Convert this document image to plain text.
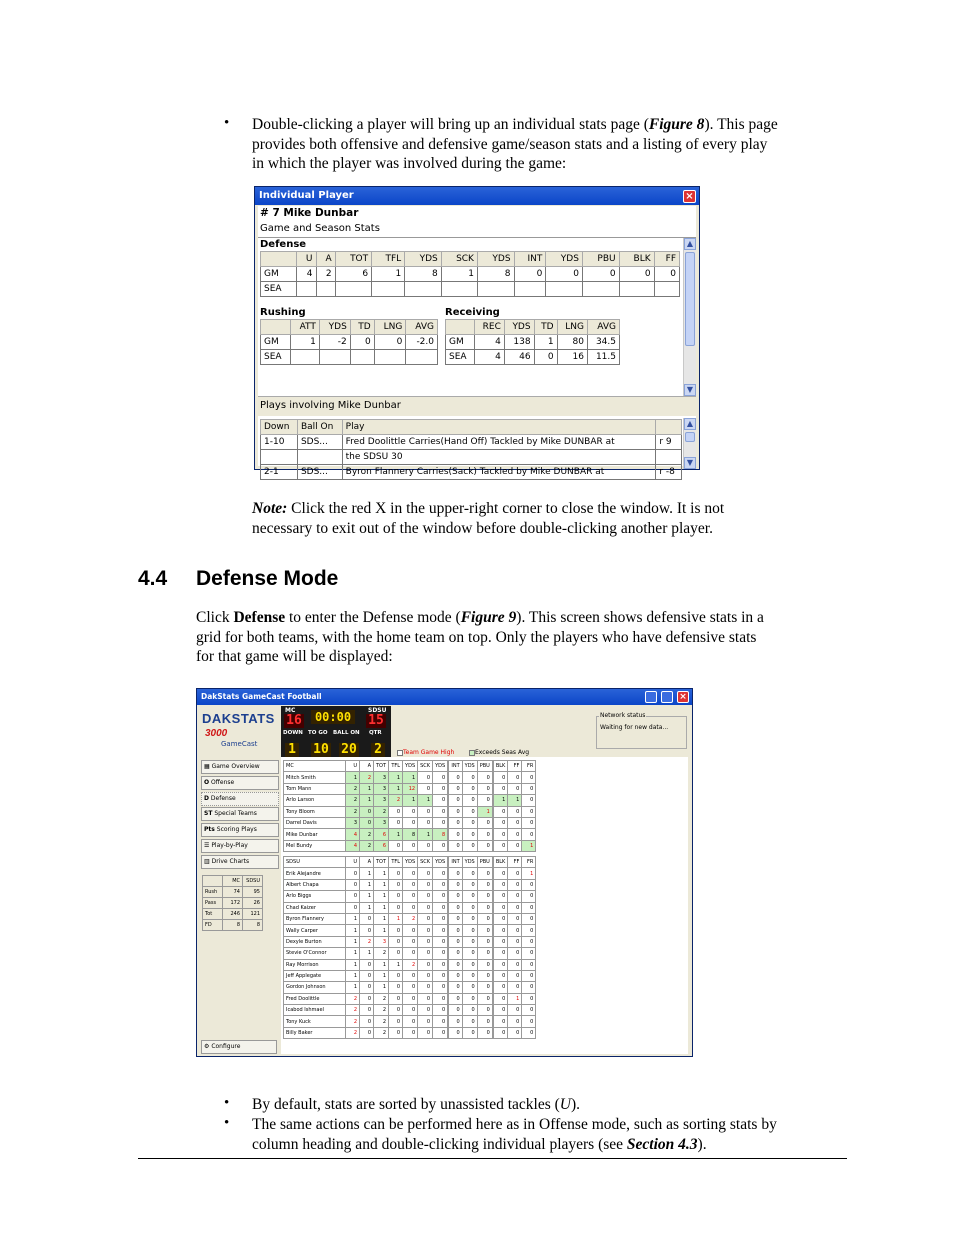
• Double-clicking a player will bring up an individual stats page (Figure 8). This page
provides both offensive and defensive game/season stats and a listing of every play
in which the player was involved during the game:
Individual Player	×
# 7 Mike Dunbar
Game and Season Stats
Defense
	U	A	TOT	TFL	YDS	SCK	YDS	INT	YDS	PBU	BLK	FF
GM	4	2	6	1	8	1	8	0	0	0	0	0
SEA												
Rushing
	ATT	YDS	TD	LNG	AVG
GM	1	-2	0	0	-2.0
SEA					
Receiving
	REC	YDS	TD	LNG	AVG
GM	4	138	1	80	34.5
SEA	4	46	0	16	11.5
▲
▼
Plays involving Mike Dunbar
Down	Ball On	Play	
1-10	SDS...	Fred Doolittle Carries(Hand Off) Tackled by Mike DUNBAR at	r 9
		the SDSU 30	
2-1	SDS...	Byron Flannery Carries(Sack) Tackled by Mike DUNBAR at	r -8
▲
▼
Note: Click the red X in the upper-right corner to close the window. It is not
necessary to exit out of the window before double-clicking another player.
4.4 Defense Mode
Click Defense to enter the Defense mode (Figure 9). This screen shows defensive stats in a
grid for both teams, with the home team on top. Only the players who have defensive stats
for that game will be displayed:
DakStats GameCast Football	×
DAKSTATS
3000
GameCast
▦ Game Overview
O Offense
D Defense
ST Special Teams
Pts Scoring Plays
☰ Play-by-Play
▥ Drive Charts
	MC	SDSU
Rush	74	95
Pass	172	26
Tot	246	121
FD	8	8
⚙ Configure
MC	SDSU
16	00:00	15
DOWN TO GO BALL ON QTR
1 10 20 2
Network status
Waiting for new data...
Team Game High	Exceeds Seas Avg
MC	U	A	TOT	TFL	YDS	SCK	YDS	INT	YDS	PBU	BLK	FF	FR
Mitch Smith	1	2	3	1	1	0	0	0	0	0	0	0	0
Tom Mann	2	1	3	1	12	0	0	0	0	0	0	0	0
Arlo Larson	2	1	3	2	1	1	0	0	0	0	1	1	0
Tony Bloom	2	0	2	0	0	0	0	0	0	1	0	0	0
Darrel Davis	3	0	3	0	0	0	0	0	0	0	0	0	0
Mike Dunbar	4	2	6	1	8	1	8	0	0	0	0	0	0
Mel Bundy	4	2	6	0	0	0	0	0	0	0	0	0	1
SDSU	U	A	TOT	TFL	YDS	SCK	YDS	INT	YDS	PBU	BLK	FF	FR
Erik Alejandre	0	1	1	0	0	0	0	0	0	0	0	0	1
Albert Chapa	0	1	1	0	0	0	0	0	0	0	0	0	0
Arlo Biggs	0	1	1	0	0	0	0	0	0	0	0	0	0
Chad Kaizer	0	1	1	0	0	0	0	0	0	0	0	0	0
Byron Flannery	1	0	1	1	2	0	0	0	0	0	0	0	0
Wally Carper	1	0	1	0	0	0	0	0	0	0	0	0	0
Dexyle Burton	1	2	3	0	0	0	0	0	0	0	0	0	0
Stevie O'Connor	1	1	2	0	0	0	0	0	0	0	0	0	0
Ray Morrison	1	0	1	1	2	0	0	0	0	0	0	0	0
Jeff Applegate	1	0	1	0	0	0	0	0	0	0	0	0	0
Gordon Johnson	1	0	1	0	0	0	0	0	0	0	0	0	0
Fred Doolittle	2	0	2	0	0	0	0	0	0	0	0	1	0
Icabod Ishmael	2	0	2	0	0	0	0	0	0	0	0	0	0
Tony Kuck	2	0	2	0	0	0	0	0	0	0	0	0	0
Billy Baker	2	0	2	0	0	0	0	0	0	0	0	0	0
• By default, stats are sorted by unassisted tackles (U).
• The same actions can be performed here as in Offense mode, such as sorting stats by
column heading and double-clicking individual players (see Section 4.3).
